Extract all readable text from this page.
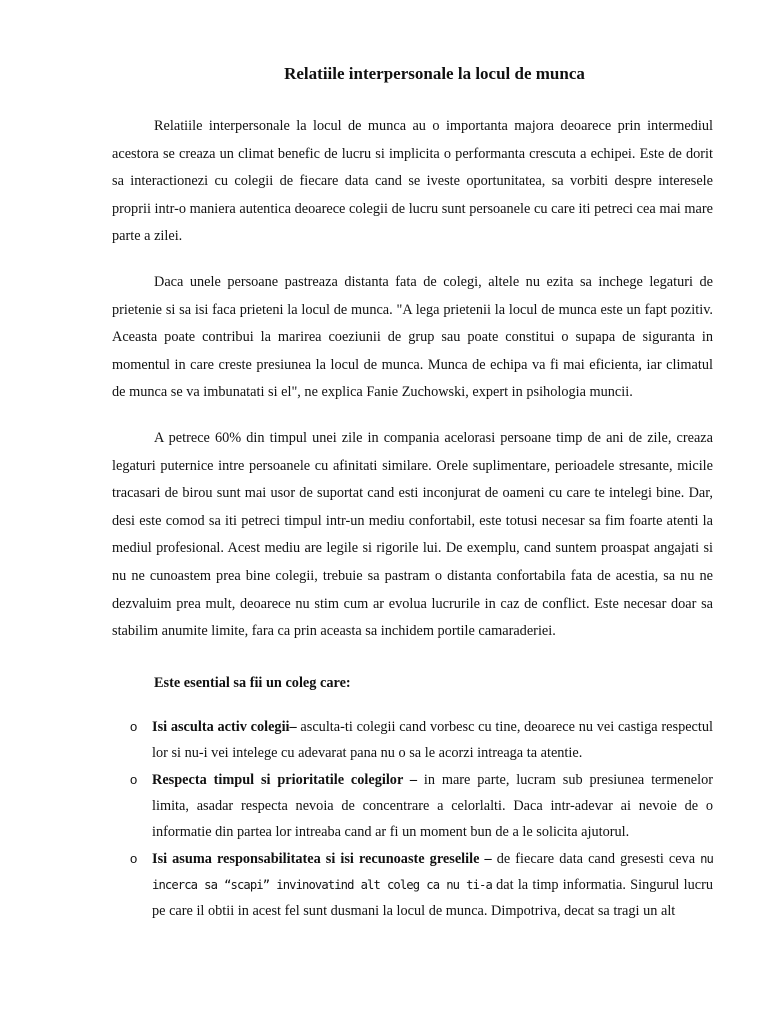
Relatiile interpersonale la locul de munca

Relatiile interpersonale la locul de munca au o importanta majora deoarece prin intermediul acestora se creaza un climat benefic de lucru si implicita o performanta crescuta a echipei. Este de dorit sa interactionezi cu colegii de fiecare data cand se iveste oportunitatea, sa vorbiti despre interesele proprii intr-o maniera autentica deoarece colegii de lucru sunt persoanele cu care iti petreci cea mai mare parte a zilei.

Daca unele persoane pastreaza distanta fata de colegi, altele nu ezita sa inchege legaturi de prietenie si sa isi faca prieteni la locul de munca. "A lega prietenii la locul de munca este un fapt pozitiv. Aceasta poate contribui la marirea coeziunii de grup sau poate constitui o supapa de siguranta in momentul in care creste presiunea la locul de munca. Munca de echipa va fi mai eficienta, iar climatul de munca se va imbunatati si el", ne explica Fanie Zuchowski, expert in psihologia muncii.

A petrece 60% din timpul unei zile in compania acelorasi persoane timp de ani de zile, creaza legaturi puternice intre persoanele cu afinitati similare. Orele suplimentare, perioadele stresante, micile tracasari de birou sunt mai usor de suportat cand esti inconjurat de oameni cu care te intelegi bine. Dar, desi este comod sa iti petreci timpul intr-un mediu confortabil, este totusi necesar sa fim foarte atenti la mediul profesional. Acest mediu are legile si rigorile lui. De exemplu, cand suntem proaspat angajati si nu ne cunoastem prea bine colegii, trebuie sa pastram o distanta confortabila fata de acestia, sa nu ne dezvaluim prea mult, deoarece nu stim cum ar evolua lucrurile in caz de conflict. Este necesar doar sa stabilim anumite limite, fara ca prin aceasta sa inchidem portile camaraderiei.

Este esential sa fii un coleg care:
o Isi asculta activ colegii– asculta-ti colegii cand vorbesc cu tine, deoarece nu vei castiga respectul lor si nu-i vei intelege cu adevarat pana nu o sa le acorzi intreaga ta atentie.
o Respecta timpul si prioritatile colegilor – in mare parte, lucram sub presiunea termenelor limita, asadar respecta nevoia de concentrare a celorlalti. Daca intr-adevar ai nevoie de o informatie din partea lor intreaba cand ar fi un moment bun de a le solicita ajutorul.
o Isi asuma responsabilitatea si isi recunoaste greselile – de fiecare data cand gresesti ceva nu incerca sa “scapi” invinovatind alt coleg ca nu ti-a dat la timp informatia. Singurul lucru pe care il obtii in acest fel sunt dusmani la locul de munca. Dimpotriva, decat sa tragi un alt
